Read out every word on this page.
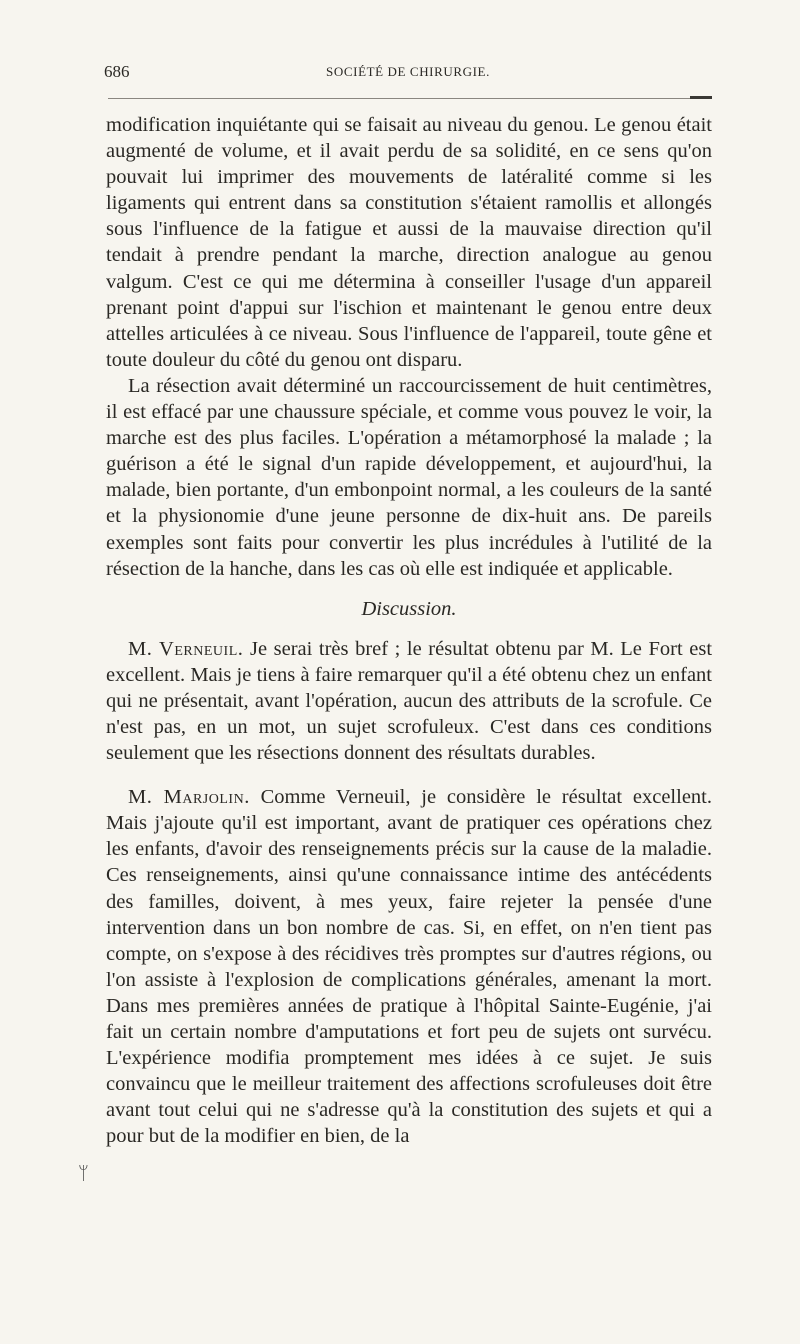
686	SOCIÉTÉ DE CHIRURGIE.

modification inquiétante qui se faisait au niveau du genou. Le genou était augmenté de volume, et il avait perdu de sa solidité, en ce sens qu'on pouvait lui imprimer des mouvements de latéralité comme si les ligaments qui entrent dans sa constitution s'étaient ramollis et allongés sous l'influence de la fatigue et aussi de la mauvaise direction qu'il tendait à prendre pendant la marche, direction analogue au genou valgum. C'est ce qui me détermina à conseiller l'usage d'un appareil prenant point d'appui sur l'ischion et maintenant le genou entre deux attelles articulées à ce niveau. Sous l'influence de l'appareil, toute gêne et toute douleur du côté du genou ont disparu.

La résection avait déterminé un raccourcissement de huit centimètres, il est effacé par une chaussure spéciale, et comme vous pouvez le voir, la marche est des plus faciles. L'opération a métamorphosé la malade ; la guérison a été le signal d'un rapide développement, et aujourd'hui, la malade, bien portante, d'un embonpoint normal, a les couleurs de la santé et la physionomie d'une jeune personne de dix-huit ans. De pareils exemples sont faits pour convertir les plus incrédules à l'utilité de la résection de la hanche, dans les cas où elle est indiquée et applicable.

Discussion.

M. Verneuil. Je serai très bref ; le résultat obtenu par M. Le Fort est excellent. Mais je tiens à faire remarquer qu'il a été obtenu chez un enfant qui ne présentait, avant l'opération, aucun des attributs de la scrofule. Ce n'est pas, en un mot, un sujet scrofuleux. C'est dans ces conditions seulement que les résections donnent des résultats durables.

M. Marjolin. Comme Verneuil, je considère le résultat excellent. Mais j'ajoute qu'il est important, avant de pratiquer ces opérations chez les enfants, d'avoir des renseignements précis sur la cause de la maladie. Ces renseignements, ainsi qu'une connaissance intime des antécédents des familles, doivent, à mes yeux, faire rejeter la pensée d'une intervention dans un bon nombre de cas. Si, en effet, on n'en tient pas compte, on s'expose à des récidives très promptes sur d'autres régions, ou l'on assiste à l'explosion de complications générales, amenant la mort. Dans mes premières années de pratique à l'hôpital Sainte-Eugénie, j'ai fait un certain nombre d'amputations et fort peu de sujets ont survécu. L'expérience modifia promptement mes idées à ce sujet. Je suis convaincu que le meilleur traitement des affections scrofuleuses doit être avant tout celui qui ne s'adresse qu'à la constitution des sujets et qui a pour but de la modifier en bien, de la

ᛘ
